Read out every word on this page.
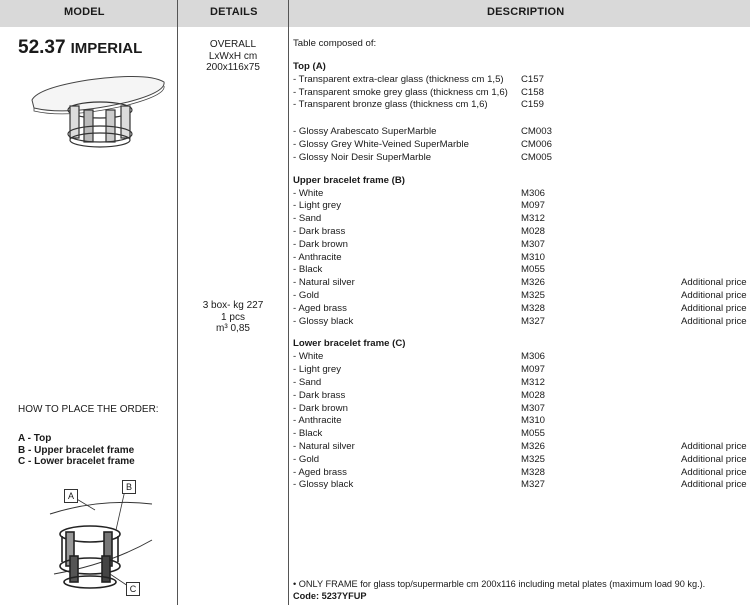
MODEL	DETAILS	DESCRIPTION
52.37 IMPERIAL
HOW TO PLACE THE ORDER:
A - Top
B - Upper bracelet frame
C - Lower bracelet frame
A
B
C
OVERALL
LxWxH cm
200x116x75
3 box- kg 227
1 pcs
m³ 0,85
Table composed of:
Top (A)
- Transparent extra-clear glass (thickness cm 1,5) C157
- Transparent smoke grey glass (thickness cm 1,6) C158
- Transparent bronze glass (thickness cm 1,6)	C159
- Glossy Arabescato SuperMarble	CM003
- Glossy Grey White-Veined SuperMarble	CM006
- Glossy Noir Desir SuperMarble	CM005
Upper bracelet frame (B)
- White	M306
- Light grey	M097
- Sand	M312
- Dark brass	M028
- Dark brown	M307
- Anthracite	M310
- Black	M055
- Natural silver	M326	Additional price
- Gold	M325	Additional price
- Aged brass	M328	Additional price
- Glossy black	M327	Additional price
Lower bracelet frame (C)
- White	M306
- Light grey	M097
- Sand	M312
- Dark brass	M028
- Dark brown	M307
- Anthracite	M310
- Black	M055
- Natural silver	M326	Additional price
- Gold	M325	Additional price
- Aged brass	M328	Additional price
- Glossy black	M327	Additional price
• ONLY FRAME for glass top/supermarble cm 200x116 including metal plates (maximum load 90 kg.).
Code: 5237YFUP
